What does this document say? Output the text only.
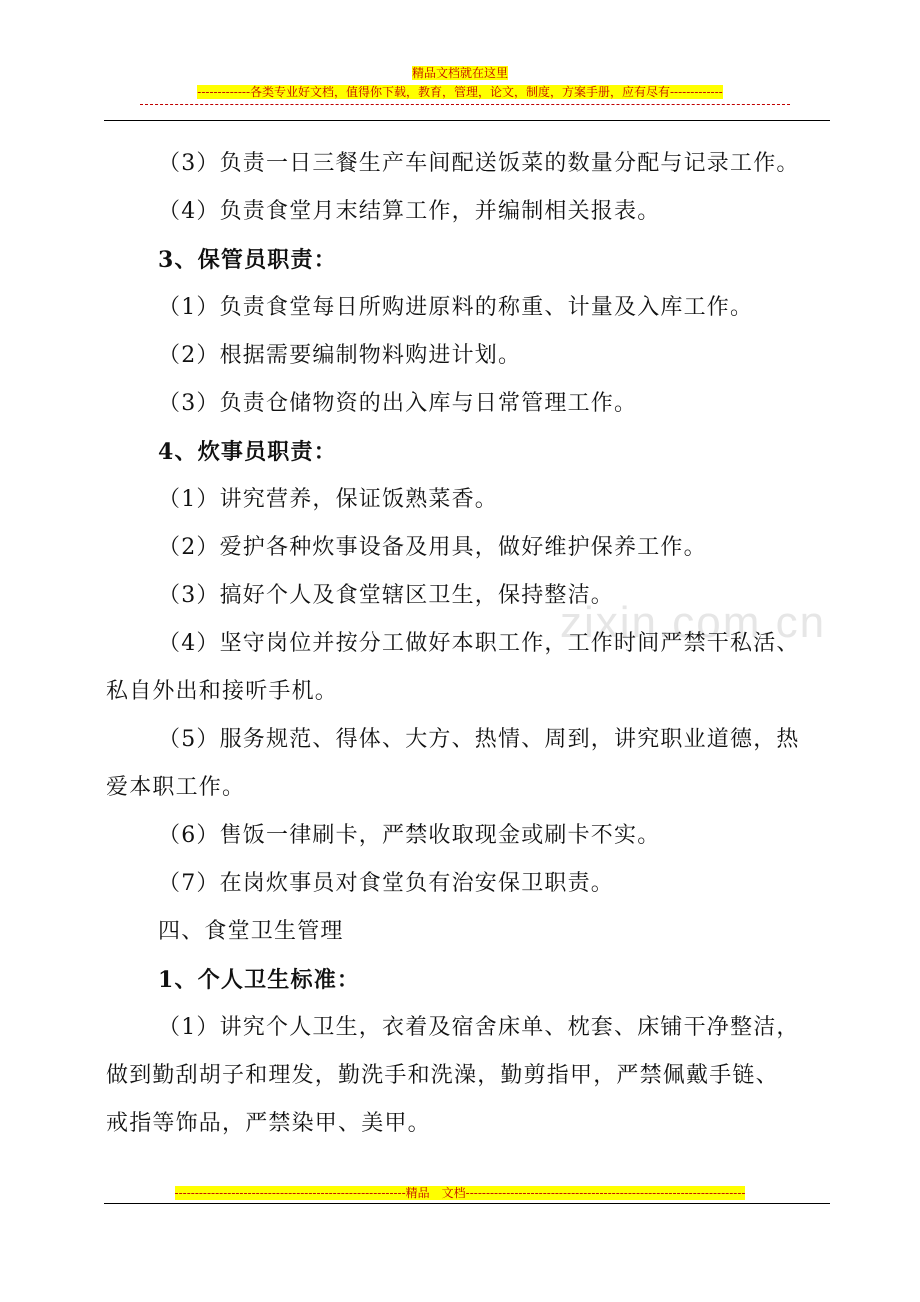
精品文档就在这里
-------------各类专业好文档，值得你下载，教育，管理，论文，制度，方案手册，应有尽有-------------
zixin.com.cn
（3）负责一日三餐生产车间配送饭菜的数量分配与记录工作。
（4）负责食堂月末结算工作，并编制相关报表。
3、保管员职责：
（1）负责食堂每日所购进原料的称重、计量及入库工作。
（2）根据需要编制物料购进计划。
（3）负责仓储物资的出入库与日常管理工作。
4、炊事员职责：
（1）讲究营养，保证饭熟菜香。
（2）爱护各种炊事设备及用具，做好维护保养工作。
（3）搞好个人及食堂辖区卫生，保持整洁。
（4）坚守岗位并按分工做好本职工作，工作时间严禁干私活、
私自外出和接听手机。
（5）服务规范、得体、大方、热情、周到，讲究职业道德，热
爱本职工作。
（6）售饭一律刷卡，严禁收取现金或刷卡不实。
（7）在岗炊事员对食堂负有治安保卫职责。
四、食堂卫生管理
1、个人卫生标准：
（1）讲究个人卫生，衣着及宿舍床单、枕套、床铺干净整洁，
做到勤刮胡子和理发，勤洗手和洗澡，勤剪指甲，严禁佩戴手链、
戒指等饰品，严禁染甲、美甲。
---------------------------------------------------------精品　文档---------------------------------------------------------------------
